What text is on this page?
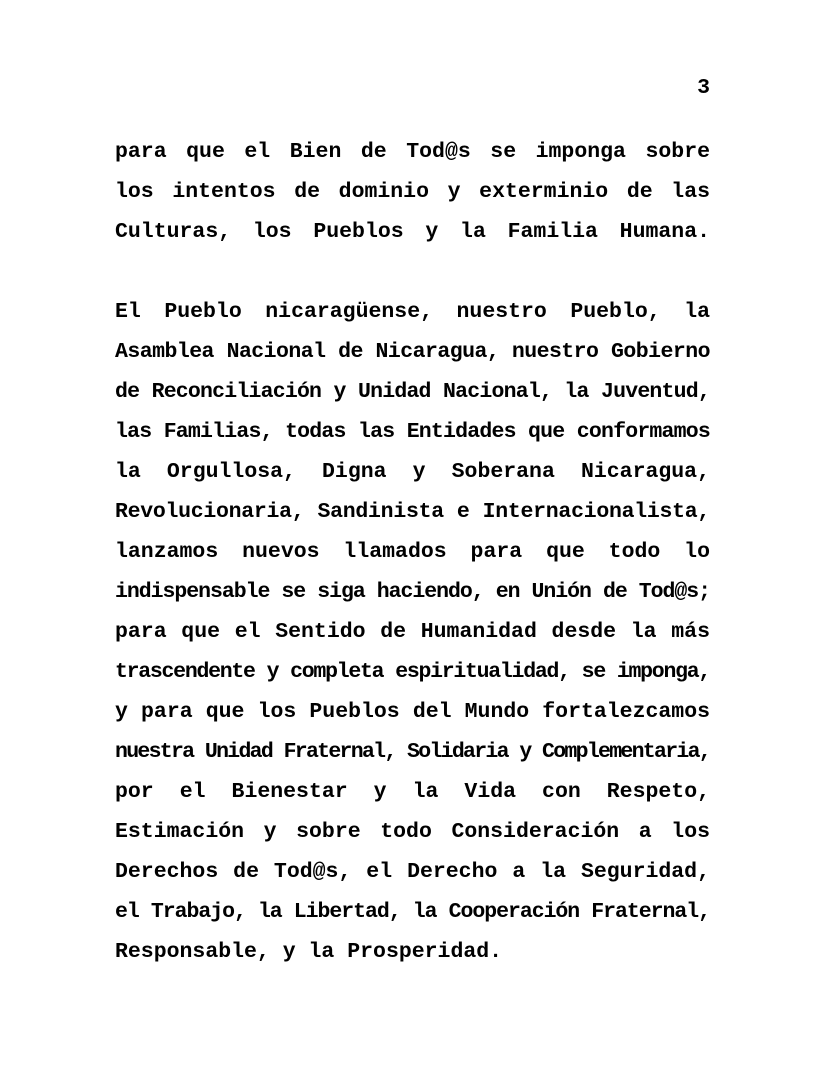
3
para que el Bien de Tod@s se imponga sobre
los intentos de dominio y exterminio de las
Culturas, los Pueblos y la Familia Humana.
El Pueblo nicaragüense, nuestro Pueblo, la
Asamblea Nacional de Nicaragua, nuestro Gobierno
de Reconciliación y Unidad Nacional, la Juventud,
las Familias, todas las Entidades que conformamos
la Orgullosa, Digna y Soberana Nicaragua,
Revolucionaria, Sandinista e Internacionalista,
lanzamos nuevos llamados para que todo lo
indispensable se siga haciendo, en Unión de Tod@s;
para que el Sentido de Humanidad desde la más
trascendente y completa espiritualidad, se imponga,
y para que los Pueblos del Mundo fortalezcamos
nuestra Unidad Fraternal, Solidaria y Complementaria,
por el Bienestar y la Vida con Respeto,
Estimación y sobre todo Consideración a los
Derechos de Tod@s, el Derecho a la Seguridad,
el Trabajo, la Libertad, la Cooperación Fraternal,
Responsable, y la Prosperidad.
